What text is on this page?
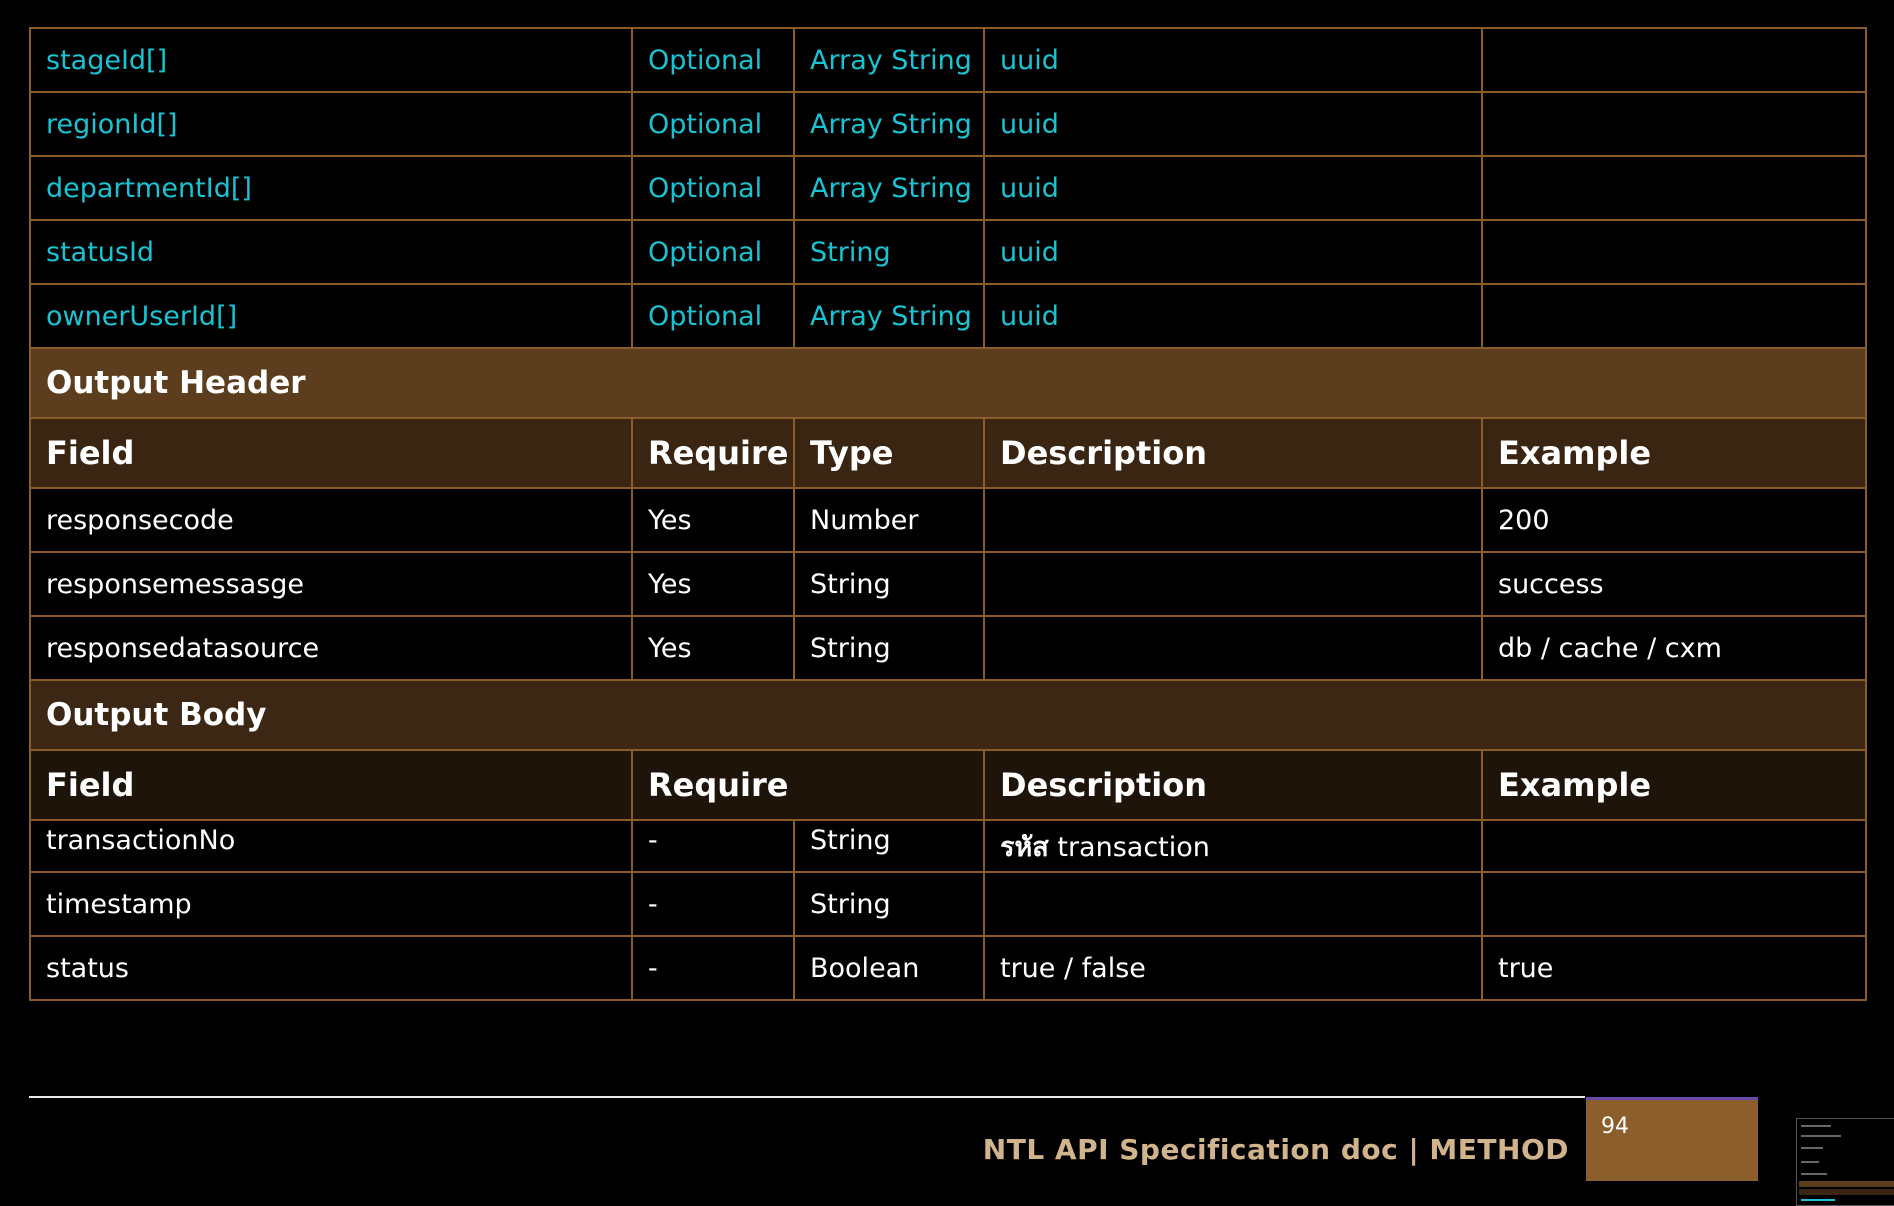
stageId[]	Optional	Array String	uuid	
regionId[]	Optional	Array String	uuid	
departmentId[]	Optional	Array String	uuid	
statusId	Optional	String	uuid	
ownerUserId[]	Optional	Array String	uuid	
Output Header				
Field	Require	Type	Description	Example
responsecode	Yes	Number		200
responsemessasge	Yes	String		success
responsedatasource	Yes	String		db / cache / cxm
Output Body				
Field	Require		Description	Example
transactionNo	-	String	รหัส transaction	
timestamp	-	String		
status	-	Boolean	true / false	true
NTL API Specification doc | METHOD
94
